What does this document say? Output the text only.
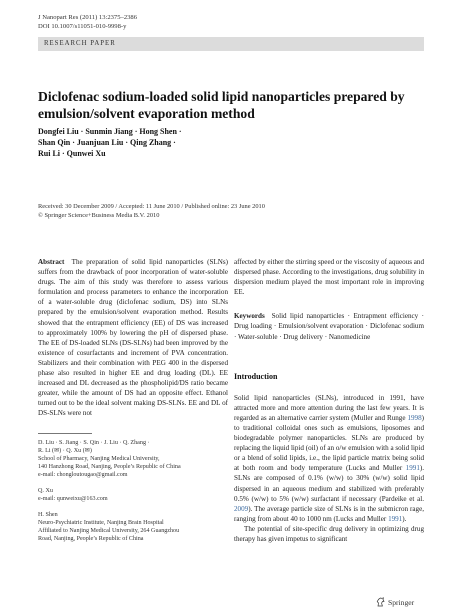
J Nanopart Res (2011) 13:2375–2386
DOI 10.1007/s11051-010-9998-y
RESEARCH PAPER
Diclofenac sodium-loaded solid lipid nanoparticles prepared by emulsion/solvent evaporation method
Dongfei Liu · Sunmin Jiang · Hong Shen ·
Shan Qin · Juanjuan Liu · Qing Zhang ·
Rui Li · Qunwei Xu
Received: 30 December 2009 / Accepted: 11 June 2010 / Published online: 23 June 2010
© Springer Science+Business Media B.V. 2010
Abstract The preparation of solid lipid nanoparticles (SLNs) suffers from the drawback of poor incorporation of water-soluble drugs. The aim of this study was therefore to assess various formulation and process parameters to enhance the incorporation of a water-soluble drug (diclofenac sodium, DS) into SLNs prepared by the emulsion/solvent evaporation method. Results showed that the entrapment efficiency (EE) of DS was increased to approximately 100% by lowering the pH of dispersed phase. The EE of DS-loaded SLNs (DS-SLNs) had been improved by the existence of cosurfactants and increment of PVA concentration. Stabilizers and their combination with PEG 400 in the dispersed phase also resulted in higher EE and drug loading (DL). EE increased and DL decreased as the phospholipid/DS ratio became greater, while the amount of DS had an opposite effect. Ethanol turned out to be the ideal solvent making DS-SLNs. EE and DL of DS-SLNs were not
D. Liu · S. Jiang · S. Qin · J. Liu · Q. Zhang ·
R. Li (✉) · Q. Xu (✉)
School of Pharmacy, Nanjing Medical University,
140 Hanzhong Road, Nanjing, People’s Republic of China
e-mail: chongloutougao@gmail.com
Q. Xu
e-mail: qunweixu@163.com
H. Shen
Neuro-Psychiatric Institute, Nanjing Brain Hospital
Affiliated to Nanjing Medical University, 264 Guangzhou
Road, Nanjing, People’s Republic of China
affected by either the stirring speed or the viscosity of aqueous and dispersed phase. According to the investigations, drug solubility in dispersion medium played the most important role in improving EE.
Keywords Solid lipid nanoparticles · Entrapment efficiency · Drug loading · Emulsion/solvent evaporation · Diclofenac sodium · Water-soluble · Drug delivery · Nanomedicine
Introduction
Solid lipid nanoparticles (SLNs), introduced in 1991, have attracted more and more attention during the last few years. It is regarded as an alternative carrier system (Muller and Runge 1998) to traditional colloidal ones such as emulsions, liposomes and biodegradable polymer nanoparticles. SLNs are produced by replacing the liquid lipid (oil) of an o/w emulsion with a solid lipid or a blend of solid lipids, i.e., the lipid particle matrix being solid at both room and body temperature (Lucks and Muller 1991). SLNs are composed of 0.1% (w/w) to 30% (w/w) solid lipid dispersed in an aqueous medium and stabilized with preferably 0.5% (w/w) to 5% (w/w) surfactant if necessary (Pardeike et al. 2009). The average particle size of SLNs is in the submicron rage, ranging from about 40 to 1000 nm (Lucks and Muller 1991).
The potential of site-specific drug delivery in optimizing drug therapy has given impetus to significant
Springer
